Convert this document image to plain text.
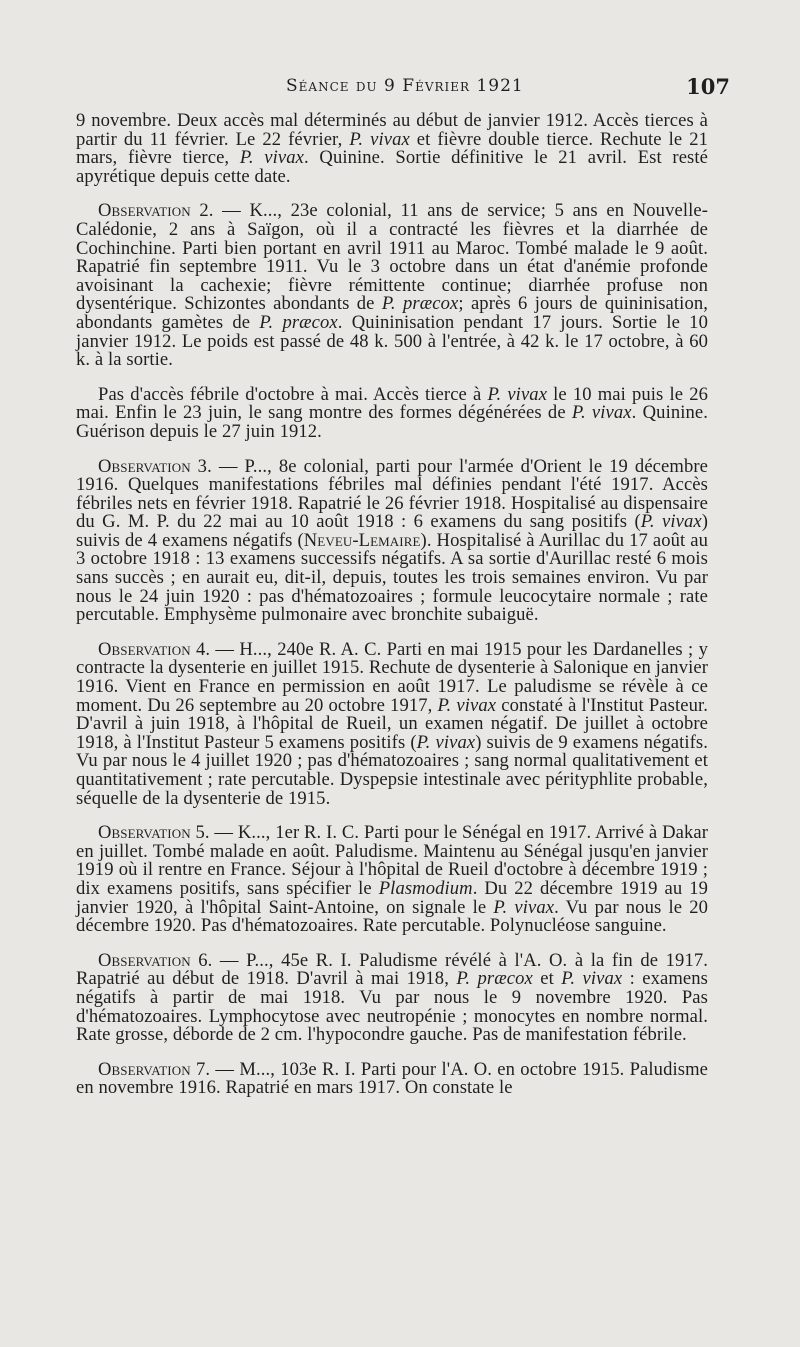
Séance du 9 Février 1921	107

9 novembre. Deux accès mal déterminés au début de janvier 1912. Accès tierces à partir du 11 février. Le 22 février, P. vivax et fièvre double tierce. Rechute le 21 mars, fièvre tierce, P. vivax. Quinine. Sortie définitive le 21 avril. Est resté apyrétique depuis cette date.

Observation 2. — K..., 23e colonial, 11 ans de service; 5 ans en Nouvelle-Calédonie, 2 ans à Saïgon, où il a contracté les fièvres et la diarrhée de Cochinchine. Parti bien portant en avril 1911 au Maroc. Tombé malade le 9 août. Rapatrié fin septembre 1911. Vu le 3 octobre dans un état d'anémie profonde avoisinant la cachexie; fièvre rémittente continue; diarrhée profuse non dysentérique. Schizontes abondants de P. præcox; après 6 jours de quininisation, abondants gamètes de P. præcox. Quininisation pendant 17 jours. Sortie le 10 janvier 1912. Le poids est passé de 48 k. 500 à l'entrée, à 42 k. le 17 octobre, à 60 k. à la sortie.

Pas d'accès fébrile d'octobre à mai. Accès tierce à P. vivax le 10 mai puis le 26 mai. Enfin le 23 juin, le sang montre des formes dégénérées de P. vivax. Quinine. Guérison depuis le 27 juin 1912.

Observation 3. — P..., 8e colonial, parti pour l'armée d'Orient le 19 décembre 1916. Quelques manifestations fébriles mal définies pendant l'été 1917. Accès fébriles nets en février 1918. Rapatrié le 26 février 1918. Hospitalisé au dispensaire du G. M. P. du 22 mai au 10 août 1918 : 6 examens du sang positifs (P. vivax) suivis de 4 examens négatifs (Neveu-Lemaire). Hospitalisé à Aurillac du 17 août au 3 octobre 1918 : 13 examens successifs négatifs. A sa sortie d'Aurillac resté 6 mois sans succès ; en aurait eu, dit-il, depuis, toutes les trois semaines environ. Vu par nous le 24 juin 1920 : pas d'hématozoaires ; formule leucocytaire normale ; rate percutable. Emphysème pulmonaire avec bronchite subaiguë.

Observation 4. — H..., 240e R. A. C. Parti en mai 1915 pour les Dardanelles ; y contracte la dysenterie en juillet 1915. Rechute de dysenterie à Salonique en janvier 1916. Vient en France en permission en août 1917. Le paludisme se révèle à ce moment. Du 26 septembre au 20 octobre 1917, P. vivax constaté à l'Institut Pasteur. D'avril à juin 1918, à l'hôpital de Rueil, un examen négatif. De juillet à octobre 1918, à l'Institut Pasteur 5 examens positifs (P. vivax) suivis de 9 examens négatifs. Vu par nous le 4 juillet 1920 ; pas d'hématozoaires ; sang normal qualitativement et quantitativement ; rate percutable. Dyspepsie intestinale avec pérityphlite probable, séquelle de la dysenterie de 1915.

Observation 5. — K..., 1er R. I. C. Parti pour le Sénégal en 1917. Arrivé à Dakar en juillet. Tombé malade en août. Paludisme. Maintenu au Sénégal jusqu'en janvier 1919 où il rentre en France. Séjour à l'hôpital de Rueil d'octobre à décembre 1919 ; dix examens positifs, sans spécifier le Plasmodium. Du 22 décembre 1919 au 19 janvier 1920, à l'hôpital Saint-Antoine, on signale le P. vivax. Vu par nous le 20 décembre 1920. Pas d'hématozoaires. Rate percutable. Polynucléose sanguine.

Observation 6. — P..., 45e R. I. Paludisme révélé à l'A. O. à la fin de 1917. Rapatrié au début de 1918. D'avril à mai 1918, P. præcox et P. vivax : examens négatifs à partir de mai 1918. Vu par nous le 9 novembre 1920. Pas d'hématozoaires. Lymphocytose avec neutropénie ; monocytes en nombre normal. Rate grosse, déborde de 2 cm. l'hypocondre gauche. Pas de manifestation fébrile.

Observation 7. — M..., 103e R. I. Parti pour l'A. O. en octobre 1915. Paludisme en novembre 1916. Rapatrié en mars 1917. On constate le
